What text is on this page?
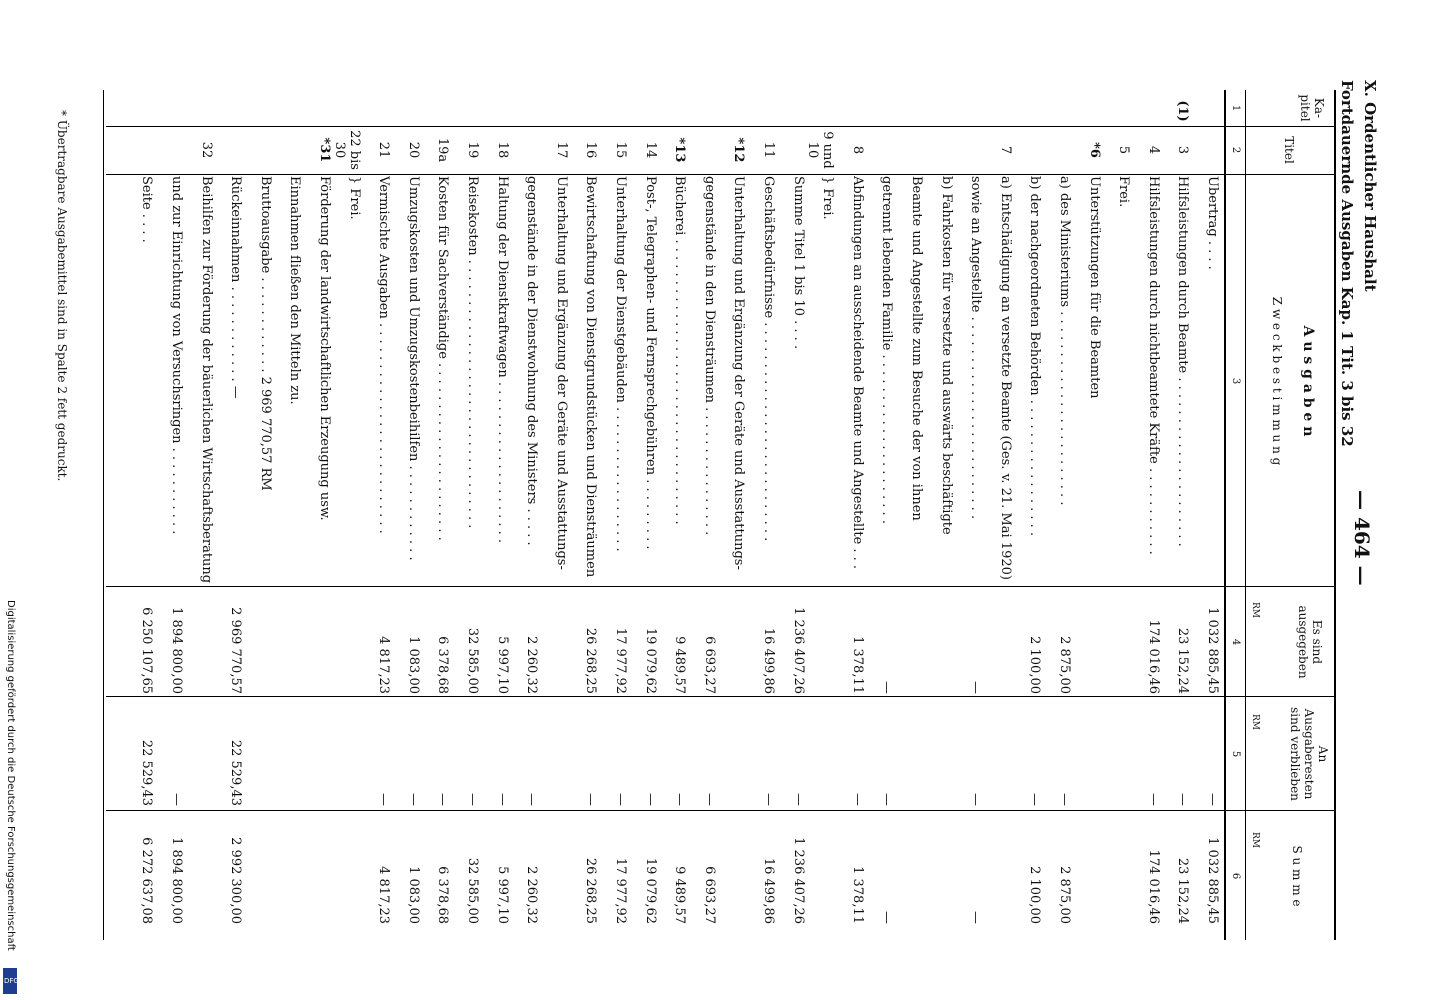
X. Ordentlicher Haushalt
Fortdauernde Ausgaben Kap. 1 Tit. 3 bis 32
— 464 —
Ka-
pitel
Titel
A u s g a b e n
Z w e c k b e s t i m m u n g
Es sind
ausgegeben
An
Ausgaberesten
sind verblieben
S u m m e
RM
RM
RM
1
2
3
4
5
6
Übertrag . . . .
1 032 885,45
—
1 032 885,45
(1)
3
Hilfsleistungen durch Beamte . . . . . . . . . . . . . . . . . . . . .
23 152,24
—
23 152,24
4
Hilfsleistungen durch nichtbeamtete Kräfte . . . . . . . . . . .
174 016,46
—
174 016,46
5
Frei.
*6
Unterstützungen für die Beamten
a) des Ministeriums . . . . . . . . . . . . . . . . . . . . . . . .
2 875,00
—
2 875,00
b) der nachgeordneten Behörden . . . . . . . . . . . . . . . . .
2 100,00
—
2 100,00
7
a) Entschädigung an versetzte Beamte (Ges. v. 21. Mai 1920)
sowie an Angestellte . . . . . . . . . . . . . . . . . . . . . . . . .
—
—
—
b) Fahrkosten für versetzte und auswärts beschäftigte
Beamte und Angestellte zum Besuche der von ihnen
getrennt lebenden Familie . . . . . . . . . . . . . . . . . . . . .
—
—
—
8
Abfindungen an ausscheidende Beamte und Angestellte . . .
1 378,11
—
1 378,11
9 und 10
} Frei.
Summe Titel 1 bis 10 . . . .
1 236 407,26
—
1 236 407,26
11
Geschäftsbedürfnisse . . . . . . . . . . . . . . . . . . . . . . . . . . .
16 499,86
—
16 499,86
*12
Unterhaltung und Ergänzung der Geräte und Ausstattungs-
gegenstände in den Diensträumen . . . . . . . . . . . . . . . .
6 693,27
—
6 693,27
*13
Bücherei . . . . . . . . . . . . . . . . . . . . . . . . . . . . . . . . . . .
9 489,57
—
9 489,57
14
Post-, Telegraphen- und Fernsprechgebühren . . . . . . . . .
19 079,62
—
19 079,62
15
Unterhaltung der Dienstgebäuden . . . . . . . . . . . . . . . . . .
17 977,92
—
17 977,92
16
Bewirtschaftung von Dienstgrundstücken und Diensträumen
26 268,25
—
26 268,25
17
Unterhaltung und Ergänzung der Geräte und Ausstattungs-
gegenstände in der Dienstwohnung des Ministers . . . . .
2 260,32
—
2 260,32
18
Haltung der Dienstkraftwagen . . . . . . . . . . . . . . . . . . . .
5 997,10
—
5 997,10
19
Reisekosten . . . . . . . . . . . . . . . . . . . . . . . . . . . . . . . . .
32 585,00
—
32 585,00
19a
Kosten für Sachverständige . . . . . . . . . . . . . . . . . . . . . .
6 378,68
—
6 378,68
20
Umzugskosten und Umzugskostenbeihilfen . . . . . . . . . . . .
1 083,00
—
1 083,00
21
Vermischte Ausgaben . . . . . . . . . . . . . . . . . . . . . . . . . .
4 817,23
—
4 817,23
22 bis 30
} Frei.
*31
Förderung der landwirtschaftlichen Erzeugung usw.
Einnahmen fließen den Mitteln zu.
Bruttoausgabe . . . . . . . . . . . . 2 969 770,57 RM
Rückeinnahmen . . . . . . . . . . . . —
2 969 770,57
22 529,43
2 992 300,00
32
Beihilfen zur Förderung der bäuerlichen Wirtschaftsberatung
und zur Einrichtung von Versuchsringen . . . . . . . . . . .
1 894 800,00
—
1 894 800,00
Seite . . . .
6 250 107,65
22 529,43
6 272 637,08
* Übertragbare Ausgabemittel sind in Spalte 2 fett gedruckt.
Digitalisierung gefördert durch die Deutsche Forschungsgemeinschaft
DFG
